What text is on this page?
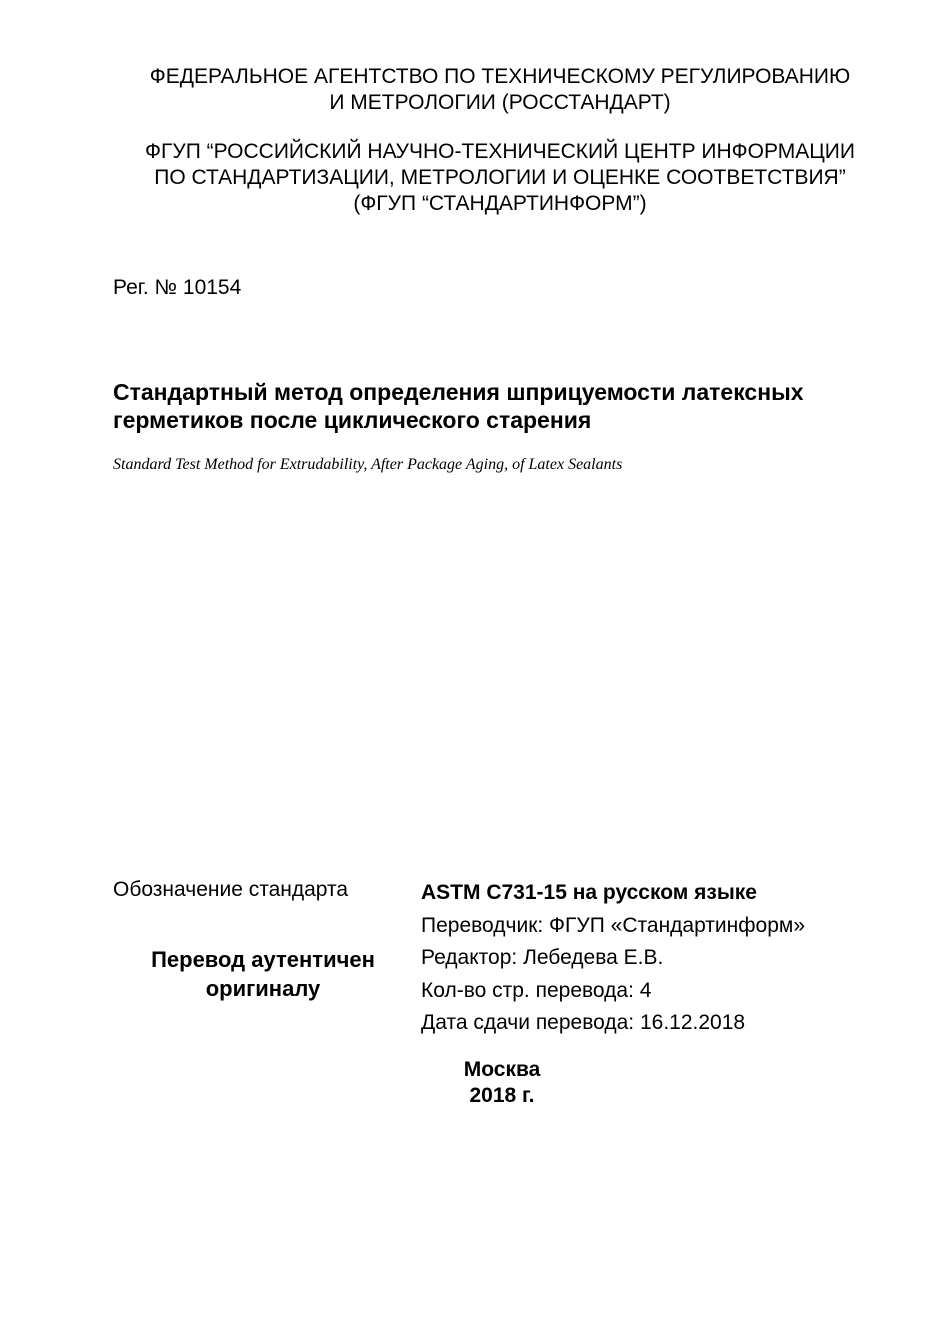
ФЕДЕРАЛЬНОЕ АГЕНТСТВО ПО ТЕХНИЧЕСКОМУ РЕГУЛИРОВАНИЮ
И МЕТРОЛОГИИ (РОССТАНДАРТ)
ФГУП “РОССИЙСКИЙ НАУЧНО-ТЕХНИЧЕСКИЙ ЦЕНТР ИНФОРМАЦИИ
ПО СТАНДАРТИЗАЦИИ, МЕТРОЛОГИИ И ОЦЕНКЕ СООТВЕТСТВИЯ”
(ФГУП “СТАНДАРТИНФОРМ”)
Рег. № 10154
Стандартный метод определения шприцуемости латексных
герметиков после циклического старения
Standard Test Method for Extrudability, After Package Aging, of Latex Sealants
Обозначение стандарта
Перевод аутентичен
оригиналу
ASTM C731-15 на русском языке
Переводчик: ФГУП «Стандартинформ»
Редактор: Лебедева Е.В.
Кол-во стр. перевода: 4
Дата сдачи перевода: 16.12.2018
Москва
2018 г.
